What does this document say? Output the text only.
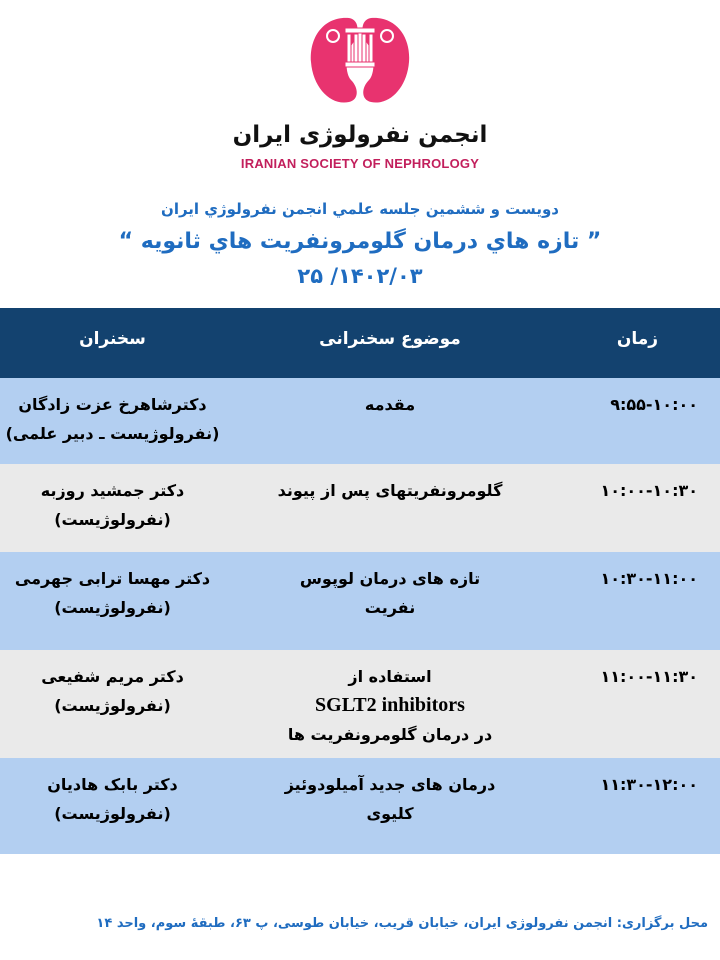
انجمن نفرولوژی ایران
IRANIAN SOCIETY OF NEPHROLOGY
دويست و ششمين جلسه علمي انجمن نفرولوژي ايران
” تازه هاي درمان گلومرونفريت هاي ثانويه “
۱۴۰۲/۰۳/ ۲۵
زمان
موضوع سخنرانی
سخنران
۹:۵۵-۱۰:۰۰
مقدمه
دکترشاهرخ عزت زادگان
(نفرولوژیست ـ دبیر علمی)
۱۰:۰۰-۱۰:۳۰
گلومرونفریتهای پس از پیوند
دکتر جمشید روزبه
(نفرولوژیست)
۱۰:۳۰-۱۱:۰۰
تازه های درمان لوپوس
نفریت
دکتر مهسا ترابی جهرمی
(نفرولوژیست)
۱۱:۰۰-۱۱:۳۰
استفاده از
SGLT2 inhibitors
در درمان گلومرونفریت ها
دکتر مریم شفیعی
(نفرولوژیست)
۱۱:۳۰-۱۲:۰۰
درمان های جدید آمیلودوئیز
کلیوی
دکتر بابک هادیان
(نفرولوژیست)
محل برگزاری: انجمن نفرولوژی ایران، خیابان قریب، خیابان طوسی، پ ۶۳، طبقهٔ سوم، واحد ۱۴
